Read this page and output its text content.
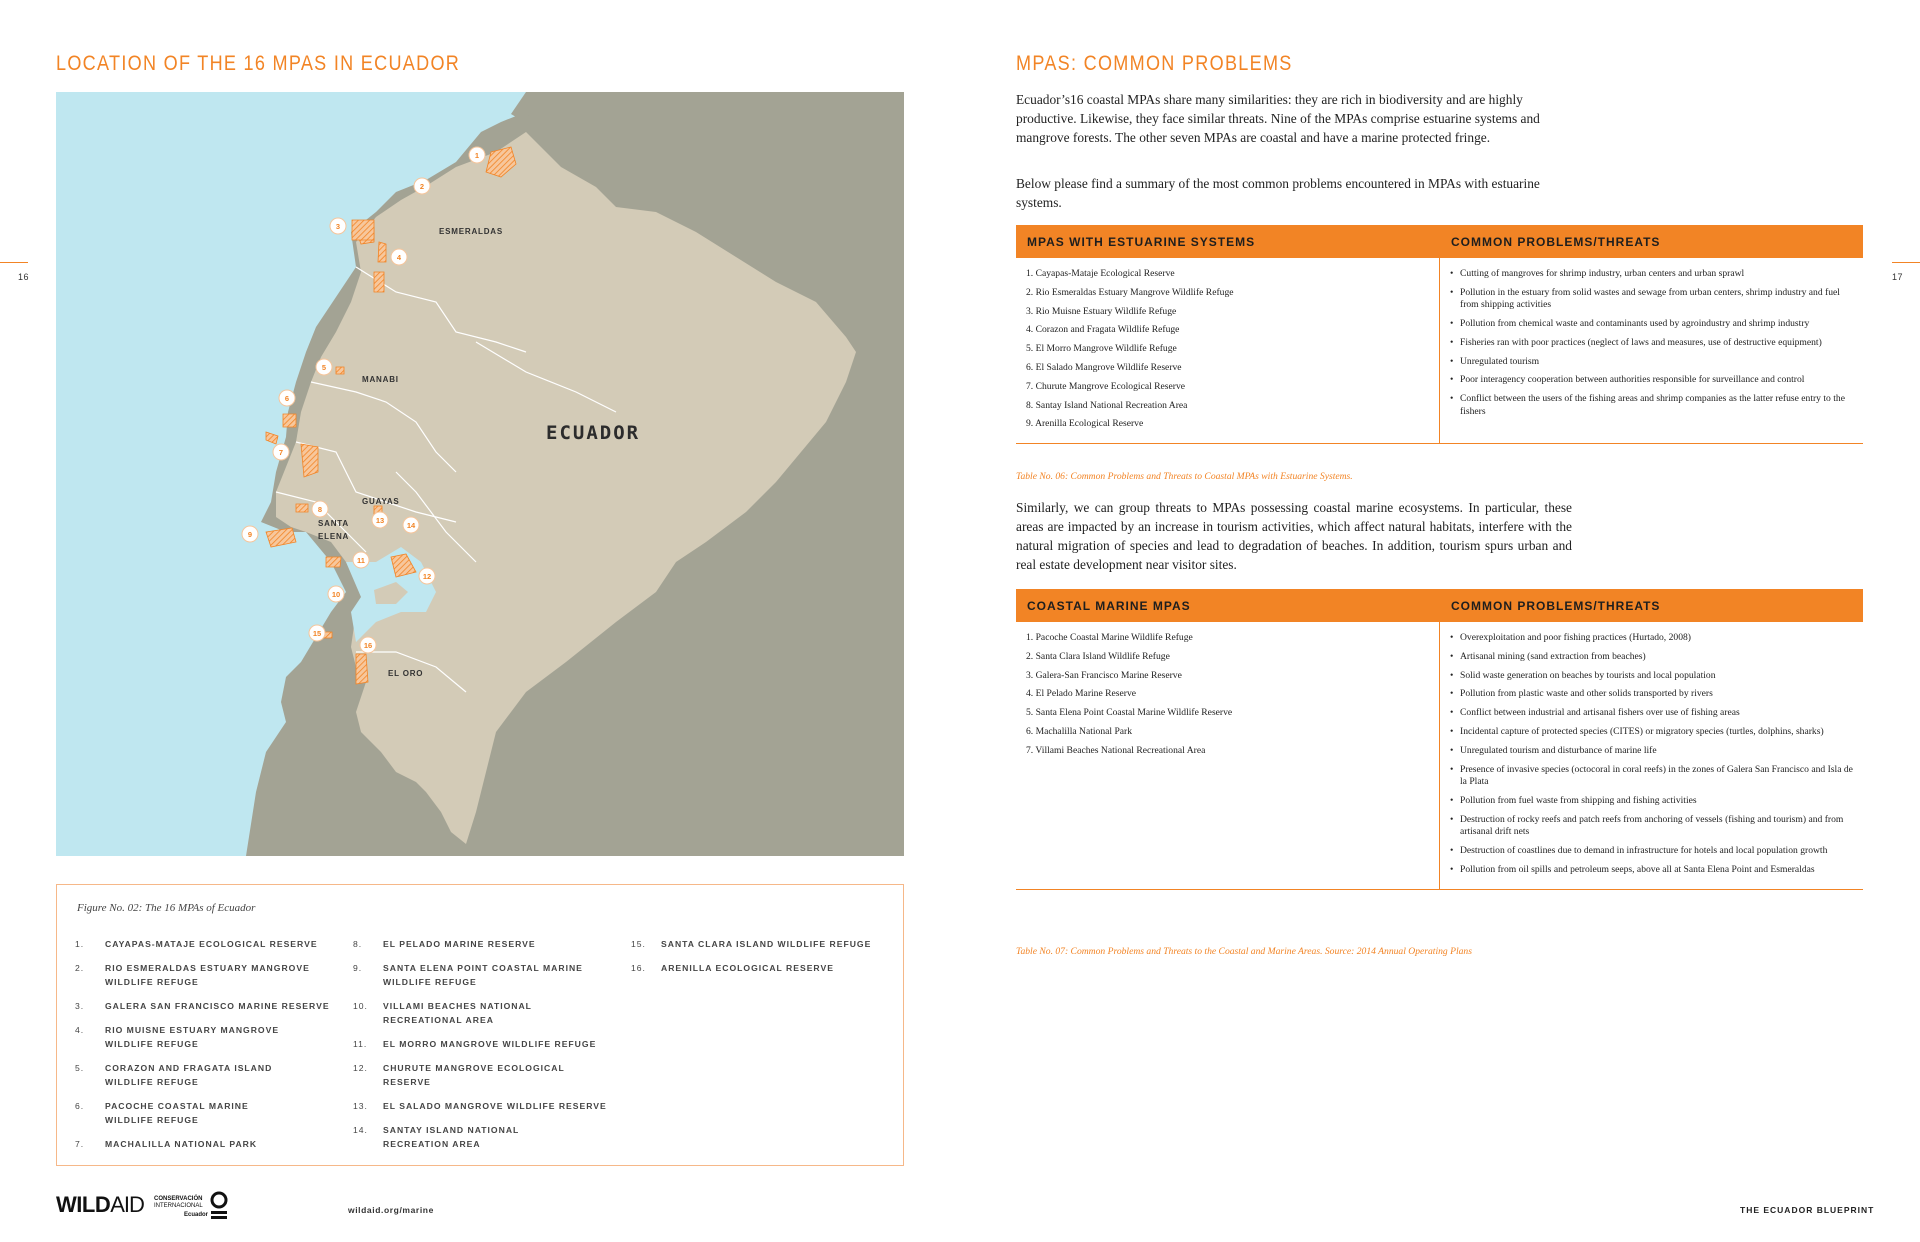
LOCATION OF THE 16 MPAS IN ECUADOR
16
ESMERALDAS
MANABI
GUAYAS
SANTA
ELENA
EL ORO
ECUADOR
1
2
3
4
5
6
7
8
9
10
11
12
13
14
15
16
Figure No. 02: The 16 MPAs of Ecuador
1.	CAYAPAS-MATAJE ECOLOGICAL RESERVE
2.	RIO ESMERALDAS ESTUARY MANGROVE WILDLIFE REFUGE
3.	GALERA SAN FRANCISCO MARINE RESERVE
4.	RIO MUISNE ESTUARY MANGROVE WILDLIFE REFUGE
5.	CORAZON AND FRAGATA ISLAND WILDLIFE REFUGE
6.	PACOCHE COASTAL MARINE WILDLIFE REFUGE
7.	MACHALILLA NATIONAL PARK
8.	EL PELADO MARINE RESERVE
9.	SANTA ELENA POINT COASTAL MARINE WILDLIFE REFUGE
10.	VILLAMI BEACHES NATIONAL RECREATIONAL AREA
11.	EL MORRO MANGROVE WILDLIFE REFUGE
12.	CHURUTE MANGROVE ECOLOGICAL RESERVE
13.	EL SALADO MANGROVE WILDLIFE RESERVE
14.	SANTAY ISLAND NATIONAL RECREATION AREA
15.	SANTA CLARA ISLAND WILDLIFE REFUGE
16.	ARENILLA ECOLOGICAL RESERVE
MPAS: COMMON PROBLEMS
17

Ecuador’s16 coastal MPAs share many similarities: they are rich in biodiversity and are highly productive. Likewise, they face similar threats. Nine of the MPAs comprise estuarine systems and mangrove forests. The other seven MPAs are coastal and have a marine protected fringe.

Below please find a summary of the most common problems encountered in MPAs with estuarine systems.

MPAS WITH ESTUARINE SYSTEMS	COMMON PROBLEMS/THREATS
1. Cayapas-Mataje Ecological Reserve
2. Rio Esmeraldas Estuary Mangrove Wildlife Refuge
3. Rio Muisne Estuary Wildlife Refuge
4. Corazon and Fragata Wildlife Refuge
5. El Morro Mangrove Wildlife Refuge
6. El Salado Mangrove Wildlife Reserve
7. Churute Mangrove Ecological Reserve
8. Santay Island National Recreation Area
9. Arenilla Ecological Reserve
• Cutting of mangroves for shrimp industry, urban centers and urban sprawl
• Pollution in the estuary from solid wastes and sewage from urban centers, shrimp industry and fuel from shipping activities
• Pollution from chemical waste and contaminants used by agroindustry and shrimp industry
• Fisheries ran with poor practices (neglect of laws and measures, use of destructive equipment)
• Unregulated tourism
• Poor interagency cooperation between authorities responsible for surveillance and control
• Conflict between the users of the fishing areas and shrimp companies as the latter refuse entry to the fishers
Table No. 06: Common Problems and Threats to Coastal MPAs with Estuarine Systems.

Similarly, we can group threats to MPAs possessing coastal marine ecosystems. In particular, these areas are impacted by an increase in tourism activities, which affect natural habitats, interfere with the natural migration of species and lead to degradation of beaches. In addition, tourism spurs urban and real estate development near visitor sites.

COASTAL MARINE MPAS	COMMON PROBLEMS/THREATS
1. Pacoche Coastal Marine Wildlife Refuge
2. Santa Clara Island Wildlife Refuge
3. Galera-San Francisco Marine Reserve
4. El Pelado Marine Reserve
5. Santa Elena Point Coastal Marine Wildlife Reserve
6. Machalilla National Park
7. Villami Beaches National Recreational Area
• Overexploitation and poor fishing practices (Hurtado, 2008)
• Artisanal mining (sand extraction from beaches)
• Solid waste generation on beaches by tourists and local population
• Pollution from plastic waste and other solids transported by rivers
• Conflict between industrial and artisanal fishers over use of fishing areas
• Incidental capture of protected species (CITES) or migratory species (turtles, dolphins, sharks)
• Unregulated tourism and disturbance of marine life
• Presence of invasive species (octocoral in coral reefs) in the zones of Galera San Francisco and Isla de la Plata
• Pollution from fuel waste from shipping and fishing activities
• Destruction of rocky reefs and patch reefs from anchoring of vessels (fishing and tourism) and from artisanal drift nets
• Destruction of coastlines due to demand in infrastructure for hotels and local population growth
• Pollution from oil spills and petroleum seeps, above all at Santa Elena Point and Esmeraldas
Table No. 07: Common Problems and Threats to the Coastal and Marine Areas. Source: 2014 Annual Operating Plans
WILDAID CONSERVACIÓN
INTERNACIONAL
Ecuador	wildaid.org/marine	THE ECUADOR BLUEPRINT
